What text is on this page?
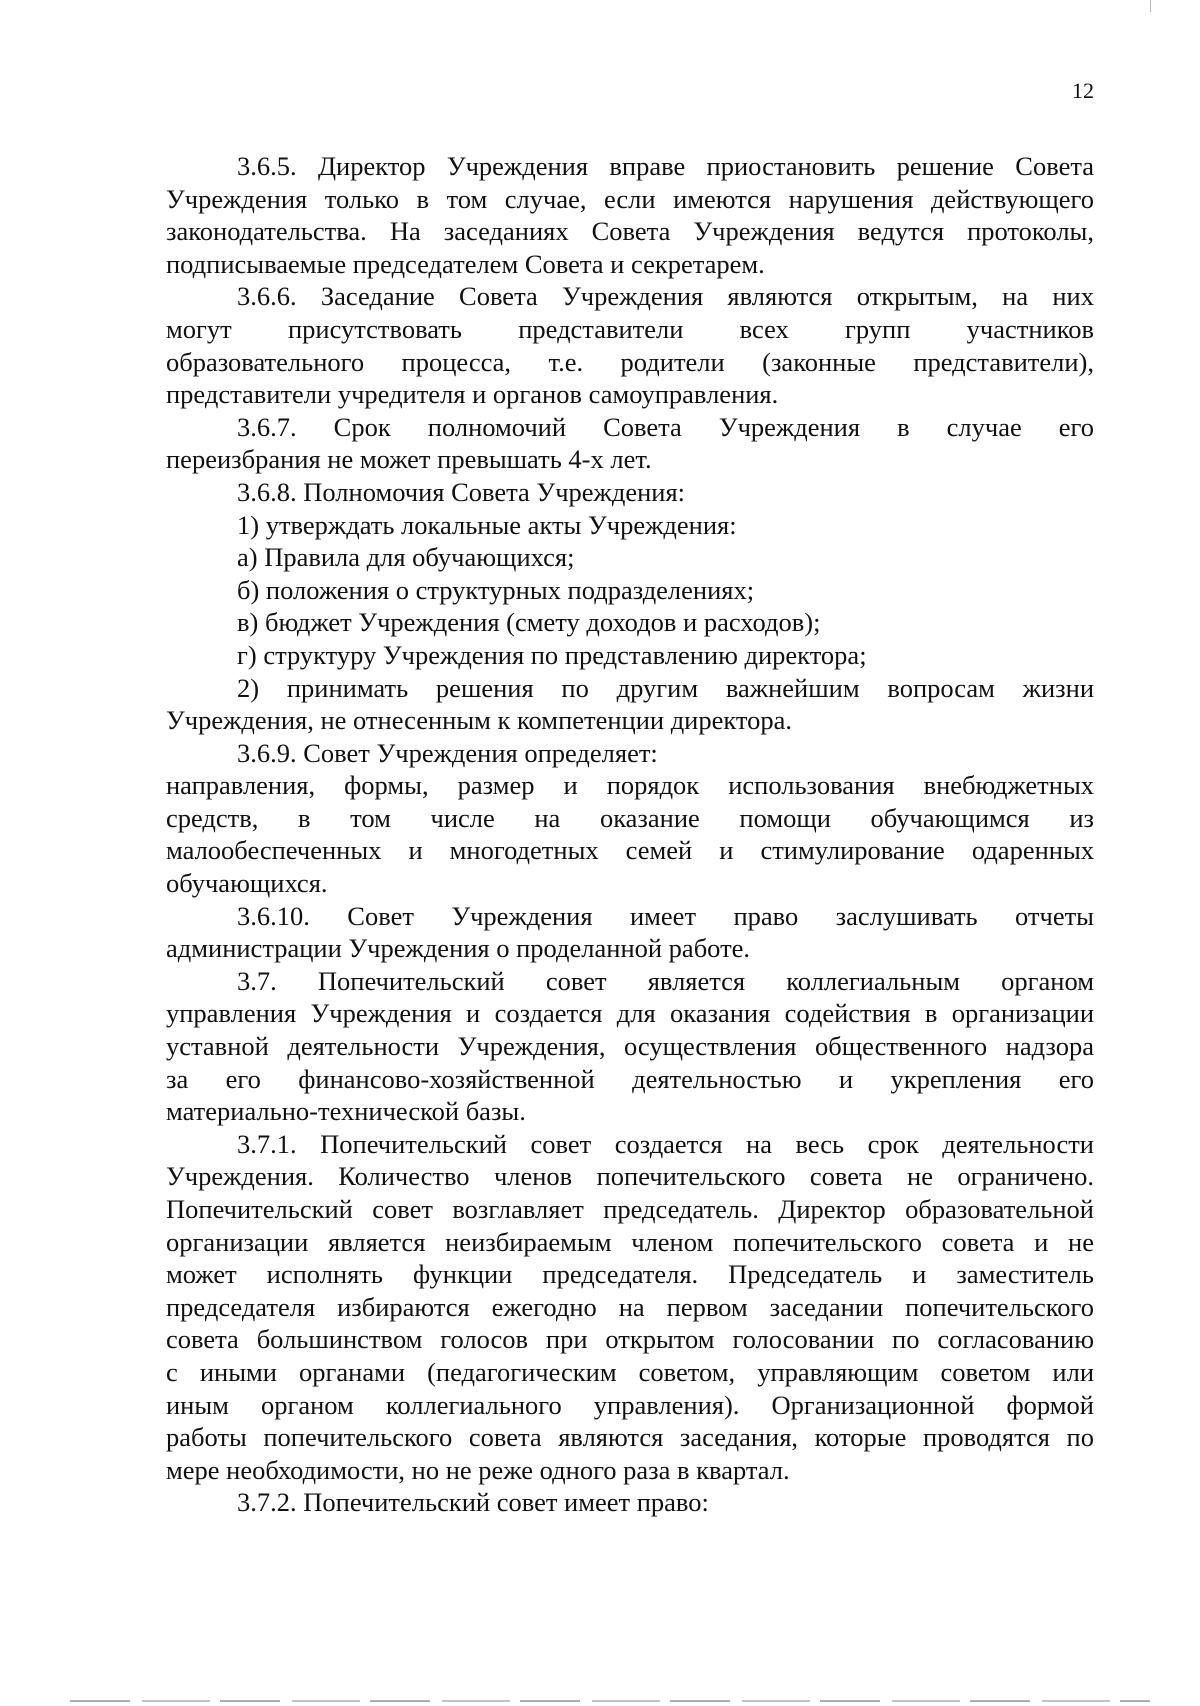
12
3.6.5. Директор Учреждения вправе приостановить решение Совета
Учреждения только в том случае, если имеются нарушения действующего
законодательства. На заседаниях Совета Учреждения ведутся протоколы,
подписываемые председателем Совета и секретарем.
3.6.6. Заседание Совета Учреждения являются открытым, на них
могут присутствовать представители всех групп участников
образовательного процесса, т.е. родители (законные представители),
представители учредителя и органов самоуправления.
3.6.7. Срок полномочий Совета Учреждения в случае его
переизбрания не может превышать 4-х лет.
3.6.8. Полномочия Совета Учреждения:
1) утверждать локальные акты Учреждения:
а) Правила для обучающихся;
б) положения о структурных подразделениях;
в) бюджет Учреждения (смету доходов и расходов);
г) структуру Учреждения по представлению директора;
2) принимать решения по другим важнейшим вопросам жизни
Учреждения, не отнесенным к компетенции директора.
3.6.9. Совет Учреждения определяет:
направления, формы, размер и порядок использования внебюджетных
средств, в том числе на оказание помощи обучающимся из
малообеспеченных и многодетных семей и стимулирование одаренных
обучающихся.
3.6.10. Совет Учреждения имеет право заслушивать отчеты
администрации Учреждения о проделанной работе.
3.7. Попечительский совет является коллегиальным органом
управления Учреждения и создается для оказания содействия в организации
уставной деятельности Учреждения, осуществления общественного надзора
за его финансово-хозяйственной деятельностью и укрепления его
материально-технической базы.
3.7.1. Попечительский совет создается на весь срок деятельности
Учреждения. Количество членов попечительского совета не ограничено.
Попечительский совет возглавляет председатель. Директор образовательной
организации является неизбираемым членом попечительского совета и не
может исполнять функции председателя. Председатель и заместитель
председателя избираются ежегодно на первом заседании попечительского
совета большинством голосов при открытом голосовании по согласованию
с иными органами (педагогическим советом, управляющим советом или
иным органом коллегиального управления). Организационной формой
работы попечительского совета являются заседания, которые проводятся по
мере необходимости, но не реже одного раза в квартал.
3.7.2. Попечительский совет имеет право:
